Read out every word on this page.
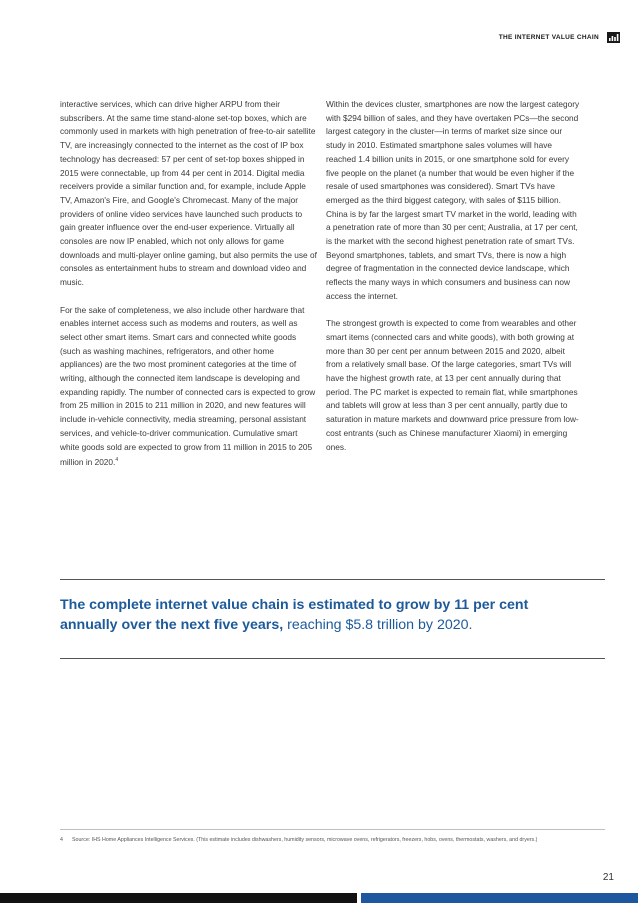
THE INTERNET VALUE CHAIN

interactive services, which can drive higher ARPU from their subscribers. At the same time stand-alone set-top boxes, which are commonly used in markets with high penetration of free-to-air satellite TV, are increasingly connected to the internet as the cost of IP box technology has decreased: 57 per cent of set-top boxes shipped in 2015 were connectable, up from 44 per cent in 2014. Digital media receivers provide a similar function and, for example, include Apple TV, Amazon's Fire, and Google's Chromecast. Many of the major providers of online video services have launched such products to gain greater influence over the end-user experience. Virtually all consoles are now IP enabled, which not only allows for game downloads and multi-player online gaming, but also permits the use of consoles as entertainment hubs to stream and download video and music.

For the sake of completeness, we also include other hardware that enables internet access such as modems and routers, as well as select other smart items. Smart cars and connected white goods (such as washing machines, refrigerators, and other home appliances) are the two most prominent categories at the time of writing, although the connected item landscape is developing and expanding rapidly. The number of connected cars is expected to grow from 25 million in 2015 to 211 million in 2020, and new features will include in-vehicle connectivity, media streaming, personal assistant services, and vehicle-to-driver communication. Cumulative smart white goods sold are expected to grow from 11 million in 2015 to 205 million in 2020.$^4$

Within the devices cluster, smartphones are now the largest category with $294 billion of sales, and they have overtaken PCs—the second largest category in the cluster—in terms of market size since our study in 2010. Estimated smartphone sales volumes will have reached 1.4 billion units in 2015, or one smartphone sold for every five people on the planet (a number that would be even higher if the resale of used smartphones was considered). Smart TVs have emerged as the third biggest category, with sales of $115 billion. China is by far the largest smart TV market in the world, leading with a penetration rate of more than 30 per cent; Australia, at 17 per cent, is the market with the second highest penetration rate of smart TVs. Beyond smartphones, tablets, and smart TVs, there is now a high degree of fragmentation in the connected device landscape, which reflects the many ways in which consumers and business can now access the internet.

The strongest growth is expected to come from wearables and other smart items (connected cars and white goods), with both growing at more than 30 per cent per annum between 2015 and 2020, albeit from a relatively small base. Of the large categories, smart TVs will have the highest growth rate, at 13 per cent annually during that period. The PC market is expected to remain flat, while smartphones and tablets will grow at less than 3 per cent annually, partly due to saturation in mature markets and downward price pressure from low-cost entrants (such as Chinese manufacturer Xiaomi) in emerging ones.

The complete internet value chain is estimated to grow by 11 per cent annually over the next five years, reaching $5.8 trillion by 2020.
4	Source: IHS Home Appliances Intelligence Services. (This estimate includes dishwashers, humidity sensors, microwave ovens, refrigerators, freezers, hobs, ovens, thermostats, washers, and dryers.)
21
